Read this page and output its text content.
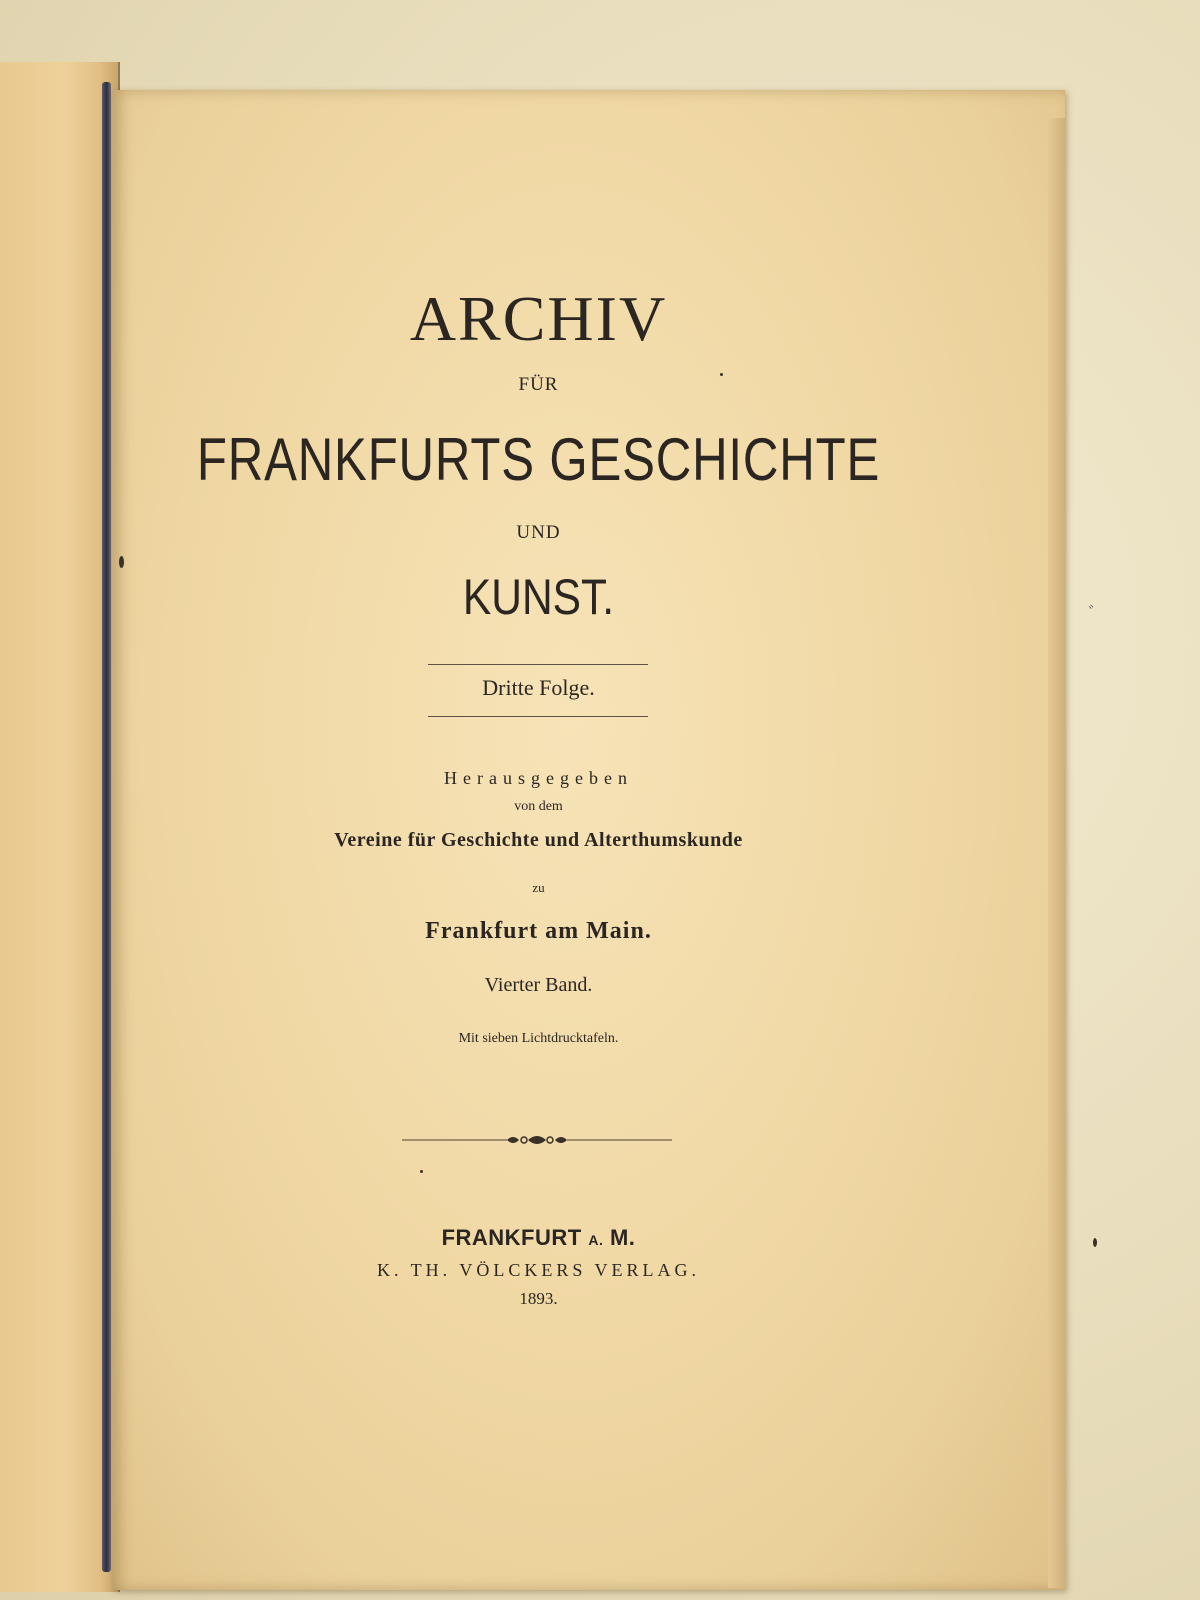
ARCHIV
FÜR
FRANKFURTS GESCHICHTE
UND
KUNST.
Dritte Folge.
Herausgegeben
von dem
Vereine für Geschichte und Alterthumskunde
zu
Frankfurt am Main.
Vierter Band.
Mit sieben Lichtdrucktafeln.
FRANKFURT A. M.
K. TH. VÖLCKERS VERLAG.
1893.
ﾞ
